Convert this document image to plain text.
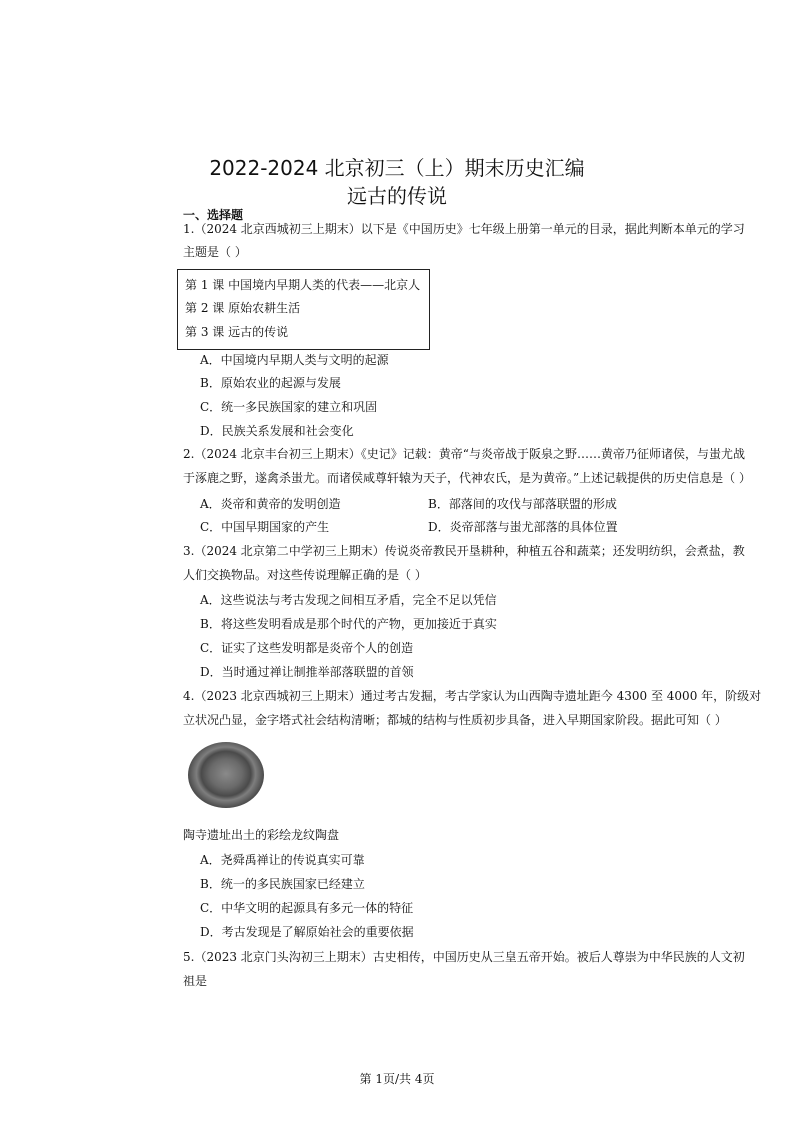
2022-2024 北京初三（上）期末历史汇编
远古的传说
一、选择题
1.（2024 北京西城初三上期末）以下是《中国历史》七年级上册第一单元的目录，据此判断本单元的学习
主题是（ ）
第 1 课 中国境内早期人类的代表——北京人
第 2 课 原始农耕生活
第 3 课 远古的传说
A．中国境内早期人类与文明的起源
B．原始农业的起源与发展
C．统一多民族国家的建立和巩固
D．民族关系发展和社会变化
2.（2024 北京丰台初三上期末）《史记》记载：黄帝“与炎帝战于阪泉之野……黄帝乃征师诸侯，与蚩尤战
于涿鹿之野，遂禽杀蚩尤。而诸侯咸尊轩辕为天子，代神农氏，是为黄帝。”上述记载提供的历史信息是（ ）
A．炎帝和黄帝的发明创造	B．部落间的攻伐与部落联盟的形成
C．中国早期国家的产生	D．炎帝部落与蚩尤部落的具体位置
3.（2024 北京第二中学初三上期末）传说炎帝教民开垦耕种，种植五谷和蔬菜；还发明纺织，会煮盐，教
人们交换物品。对这些传说理解正确的是（ ）
A．这些说法与考古发现之间相互矛盾，完全不足以凭信
B．将这些发明看成是那个时代的产物，更加接近于真实
C．证实了这些发明都是炎帝个人的创造
D．当时通过禅让制推举部落联盟的首领
4.（2023 北京西城初三上期末）通过考古发掘，考古学家认为山西陶寺遗址距今 4300 至 4000 年，阶级对
立状况凸显，金字塔式社会结构清晰；都城的结构与性质初步具备，进入早期国家阶段。据此可知（ ）
陶寺遗址出土的彩绘龙纹陶盘
A．尧舜禹禅让的传说真实可靠
B．统一的多民族国家已经建立
C．中华文明的起源具有多元一体的特征
D．考古发现是了解原始社会的重要依据
5.（2023 北京门头沟初三上期末）古史相传，中国历史从三皇五帝开始。被后人尊崇为中华民族的人文初
祖是
第 1页/共 4页
